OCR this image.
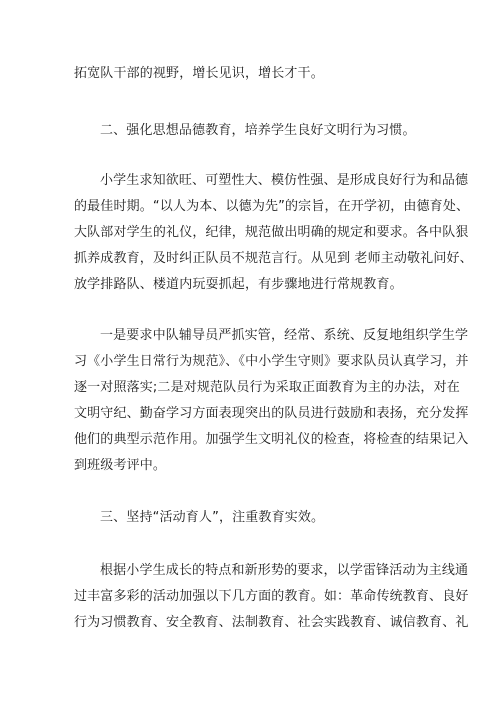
拓宽队干部的视野，增长见识，增长才干。
二、强化思想品德教育，培养学生良好文明行为习惯。
小学生求知欲旺、可塑性大、模仿性强、是形成良好行为和品德
的最佳时期。“以人为本、以德为先”的宗旨，在开学初，由德育处、
大队部对学生的礼仪，纪律，规范做出明确的规定和要求。各中队狠
抓养成教育，及时纠正队员不规范言行。从见到 老师主动敬礼问好、
放学排路队、楼道内玩耍抓起，有步骤地进行常规教育。
一是要求中队辅导员严抓实管，经常、系统、反复地组织学生学
习《小学生日常行为规范》、《中小学生守则》要求队员认真学习，并
逐一对照落实;二是对规范队员行为采取正面教育为主的办法，对在
文明守纪、勤奋学习方面表现突出的队员进行鼓励和表扬，充分发挥
他们的典型示范作用。加强学生文明礼仪的检查，将检查的结果记入
到班级考评中。
三、坚持“活动育人”，注重教育实效。
根据小学生成长的特点和新形势的要求，以学雷锋活动为主线通
过丰富多彩的活动加强以下几方面的教育。如：革命传统教育、良好
行为习惯教育、安全教育、法制教育、社会实践教育、诚信教育、礼
